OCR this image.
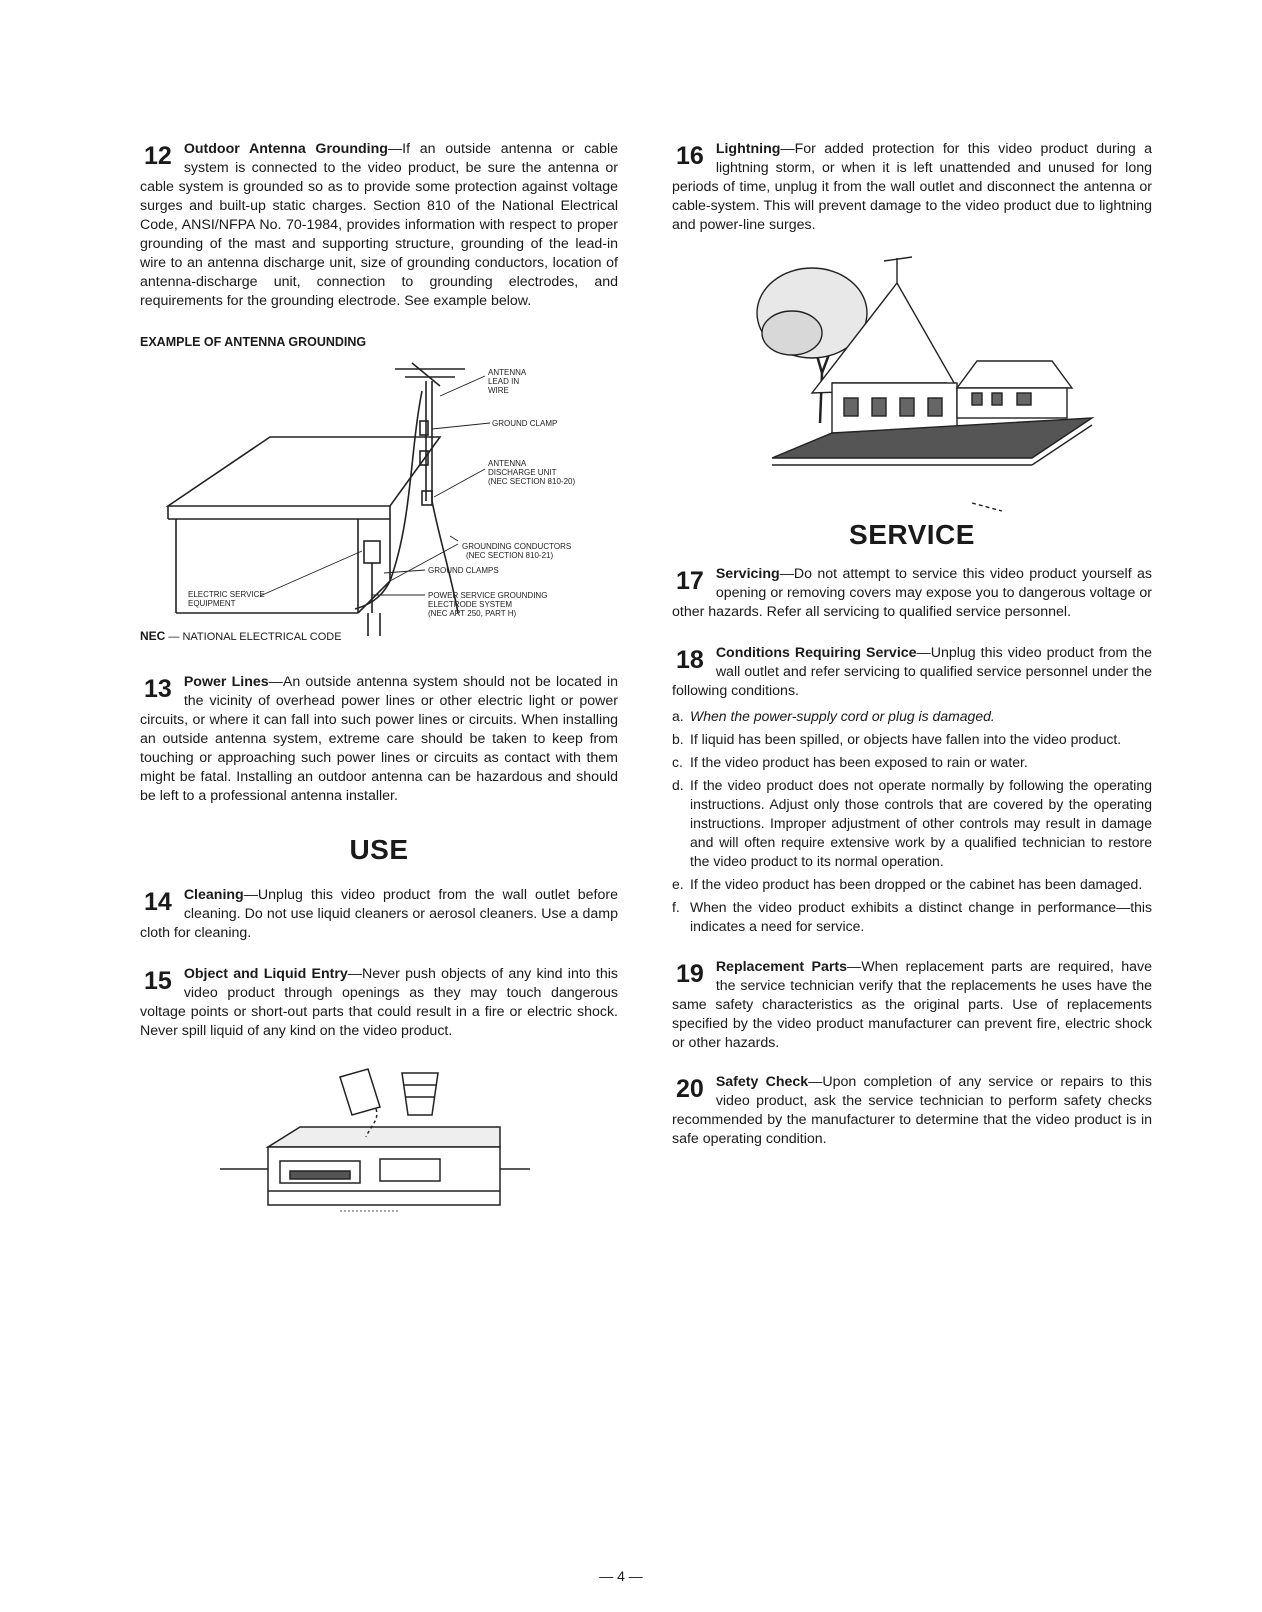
12 Outdoor Antenna Grounding—If an outside antenna or cable system is connected to the video product, be sure the antenna or cable system is grounded so as to provide some protection against voltage surges and built-up static charges. Section 810 of the National Electrical Code, ANSI/NFPA No. 70-1984, provides information with respect to proper grounding of the mast and supporting structure, grounding of the lead-in wire to an antenna discharge unit, size of grounding conductors, location of antenna-discharge unit, connection to grounding electrodes, and requirements for the grounding electrode. See example below.

EXAMPLE OF ANTENNA GROUNDING

ANTENNA
LEAD IN
WIRE
GROUND CLAMP
ANTENNA
DISCHARGE UNIT
(NEC SECTION 810-20)
GROUNDING CONDUCTORS
(NEC SECTION 810-21)
GROUND CLAMPS
ELECTRIC SERVICE
EQUIPMENT
POWER SERVICE GROUNDING
ELECTRODE SYSTEM
(NEC ART 250, PART H)

NEC — NATIONAL ELECTRICAL CODE

13 Power Lines—An outside antenna system should not be located in the vicinity of overhead power lines or other electric light or power circuits, or where it can fall into such power lines or circuits. When installing an outside antenna system, extreme care should be taken to keep from touching or approaching such power lines or circuits as contact with them might be fatal. Installing an outdoor antenna can be hazardous and should be left to a professional antenna installer.

USE

14 Cleaning—Unplug this video product from the wall outlet before cleaning. Do not use liquid cleaners or aerosol cleaners. Use a damp cloth for cleaning.

15 Object and Liquid Entry—Never push objects of any kind into this video product through openings as they may touch dangerous voltage points or short-out parts that could result in a fire or electric shock. Never spill liquid of any kind on the video product.

16 Lightning—For added protection for this video product during a lightning storm, or when it is left unattended and unused for long periods of time, unplug it from the wall outlet and disconnect the antenna or cable-system. This will prevent damage to the video product due to lightning and power-line surges.

SERVICE

17 Servicing—Do not attempt to service this video product yourself as opening or removing covers may expose you to dangerous voltage or other hazards. Refer all servicing to qualified service personnel.

18 Conditions Requiring Service—Unplug this video product from the wall outlet and refer servicing to qualified service personnel under the following conditions.

a. When the power-supply cord or plug is damaged.
b. If liquid has been spilled, or objects have fallen into the video product.
c. If the video product has been exposed to rain or water.
d. If the video product does not operate normally by following the operating instructions. Adjust only those controls that are covered by the operating instructions. Improper adjustment of other controls may result in damage and will often require extensive work by a qualified technician to restore the video product to its normal operation.
e. If the video product has been dropped or the cabinet has been damaged.
f. When the video product exhibits a distinct change in performance—this indicates a need for service.

19 Replacement Parts—When replacement parts are required, have the service technician verify that the replacements he uses have the same safety characteristics as the original parts. Use of replacements specified by the video product manufacturer can prevent fire, electric shock or other hazards.

20 Safety Check—Upon completion of any service or repairs to this video product, ask the service technician to perform safety checks recommended by the manufacturer to determine that the video product is in safe operating condition.

— 4 —
